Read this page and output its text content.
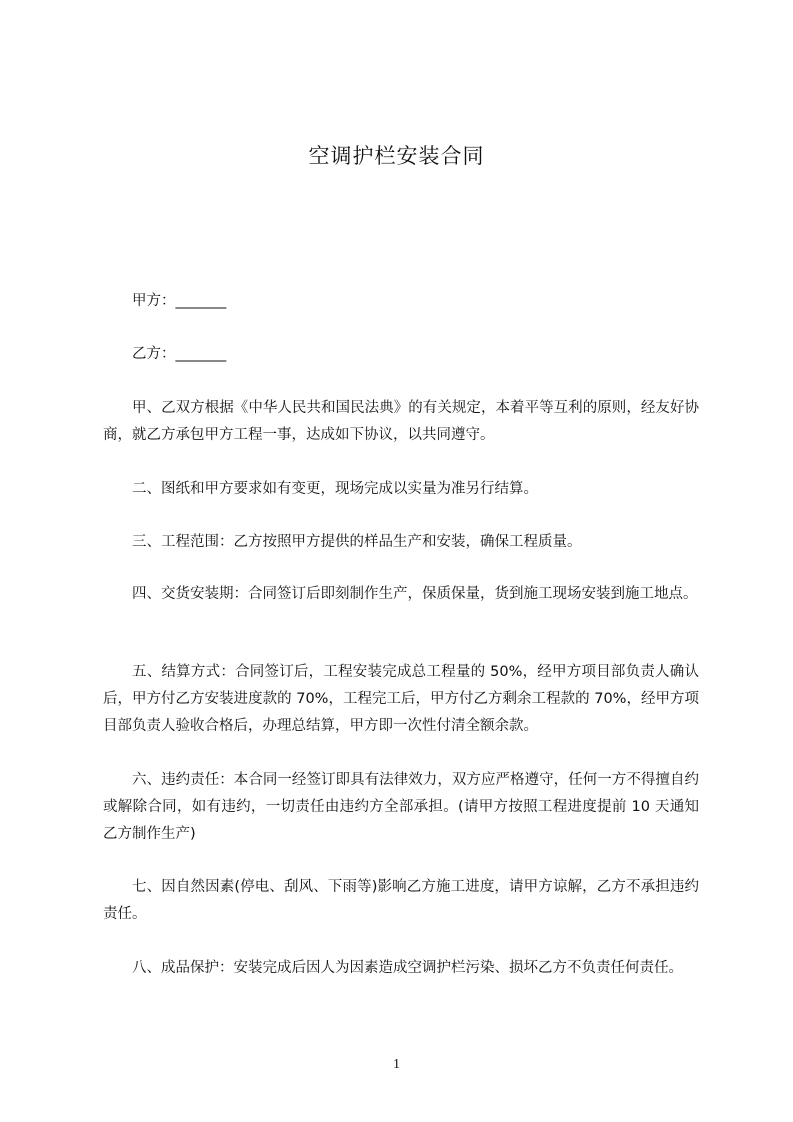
空调护栏安装合同
甲方：_______
乙方：_______
甲、乙双方根据《中华人民共和国民法典》的有关规定，本着平等互利的原则，经友好协商，就乙方承包甲方工程一事，达成如下协议，以共同遵守。
二、图纸和甲方要求如有变更，现场完成以实量为准另行结算。
三、工程范围：乙方按照甲方提供的样品生产和安装，确保工程质量。
四、交货安装期：合同签订后即刻制作生产，保质保量，货到施工现场安装到施工地点。
五、结算方式：合同签订后，工程安装完成总工程量的 50%，经甲方项目部负责人确认后，甲方付乙方安装进度款的 70%，工程完工后，甲方付乙方剩余工程款的 70%，经甲方项目部负责人验收合格后，办理总结算，甲方即一次性付清全额余款。
六、违约责任：本合同一经签订即具有法律效力，双方应严格遵守，任何一方不得擅自约或解除合同，如有违约，一切责任由违约方全部承担。(请甲方按照工程进度提前 10 天通知乙方制作生产)
七、因自然因素(停电、刮风、下雨等)影响乙方施工进度，请甲方谅解，乙方不承担违约责任。
八、成品保护：安装完成后因人为因素造成空调护栏污染、损坏乙方不负责任何责任。
1
